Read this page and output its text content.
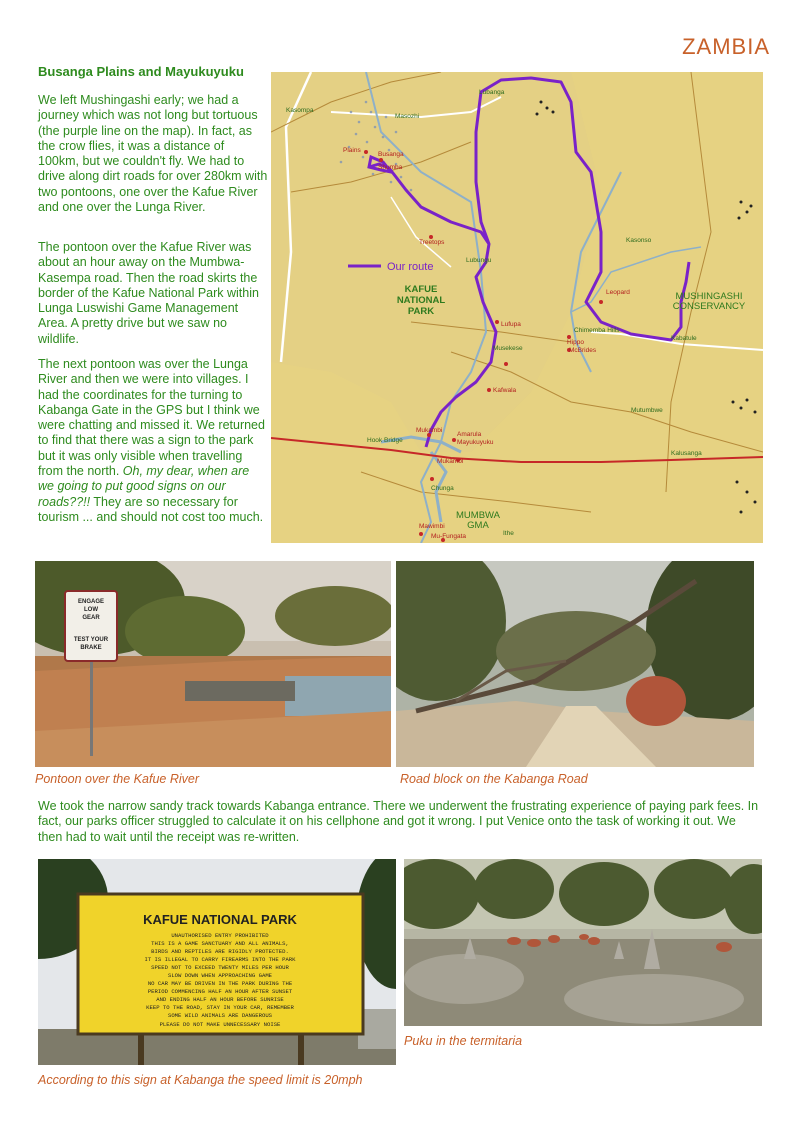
ZAMBIA
Busanga Plains and Mayukuyuku

We left Mushingashi early; we had a journey which was not long but tortuous (the purple line on the map). In fact, as the crow flies, it was a distance of 100km, but we couldn't fly. We had to drive along dirt roads for over 280km with two pontoons, one over the Kafue River and one over the Lunga River.

The pontoon over the Kafue River was about an hour away on the Mumbwa-Kasempa road. Then the road skirts the border of the Kafue National Park within Lunga Luswishi Game Management Area. A pretty drive but we saw no wildlife.

The next pontoon was over the Lunga River and then we were into villages. I had the coordinates for the turning to Kabanga Gate in the GPS but I think we were chatting and missed it. We returned to find that there was a sign to the park but it was only visible when travelling from the north. Oh, my dear, when are we going to put good signs on our roads??!! They are so necessary for tourism ... and should not cost too much.

Kasompa
Masozhi
Lubanga
Kasonso
Kabatule
Mutumbwe
Kalusanga
Hook Bridge
Chunga
Musekese
Chimemba Hills
Lubungu
Ithe
Plains
Busanga
Shumba
Treetops
Leopard
Lufupa
Hippo
McBrides
Kafwala
Mukambi
Amarula
Mayukuyuku
Mukambi
Mawimbi
Mu-Fungata
Our route
KAFUE
NATIONAL
PARK
MUSHINGASHI
CONSERVANCY
MUMBWA
GMA
ENGAGE
LOW
GEAR
TEST YOUR
BRAKE
Pontoon over the Kafue River	Road block on the Kabanga Road

We took the narrow sandy track towards Kabanga entrance. There we underwent the frustrating experience of paying park fees. In fact, our parks officer struggled to calculate it on his cellphone and got it wrong. I put Venice onto the task of working it out. We then had to wait until the receipt was re-written.

KAFUE NATIONAL PARK
UNAUTHORISED ENTRY PROHIBITED
THIS IS A GAME SANCTUARY AND ALL ANIMALS,
BIRDS AND REPTILES ARE RIGIDLY PROTECTED.
IT IS ILLEGAL TO CARRY FIREARMS INTO THE PARK
SPEED NOT TO EXCEED TWENTY MILES PER HOUR
SLOW DOWN WHEN APPROACHING GAME
NO CAR MAY BE DRIVEN IN THE PARK DURING THE
PERIOD COMMENCING HALF AN HOUR AFTER SUNSET
AND ENDING HALF AN HOUR BEFORE SUNRISE
KEEP TO THE ROAD, STAY IN YOUR CAR, REMEMBER
SOME WILD ANIMALS ARE DANGEROUS
PLEASE DO NOT MAKE UNNECESSARY NOISE
According to this sign at Kabanga the speed limit is 20mph
Puku in the termitaria
